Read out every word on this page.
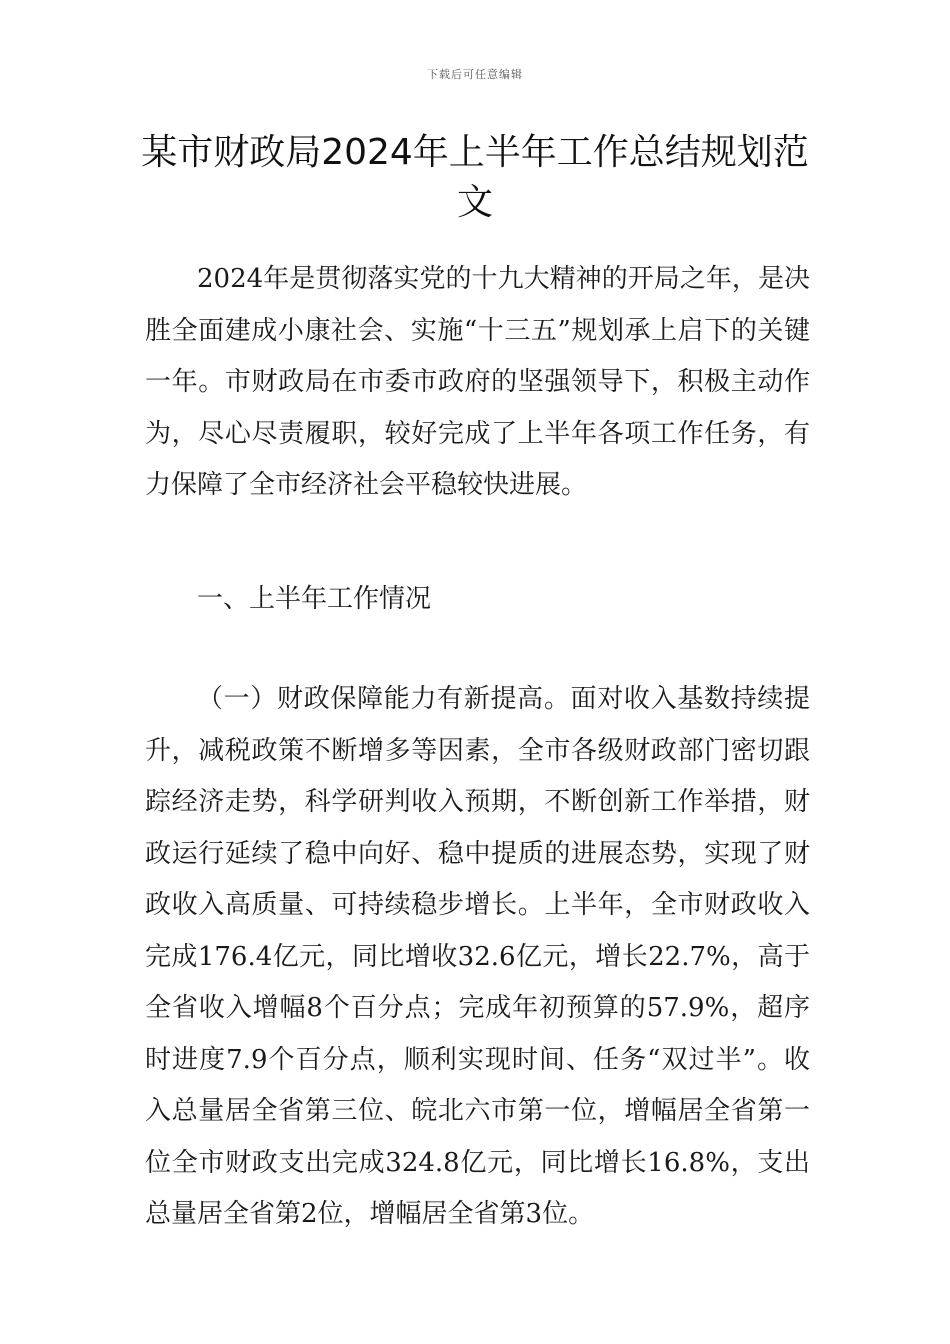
下载后可任意编辑
某市财政局2024年上半年工作总结规划范文

2024年是贯彻落实党的十九大精神的开局之年，是决胜全面建成小康社会、实施“十三五”规划承上启下的关键一年。市财政局在市委市政府的坚强领导下，积极主动作为，尽心尽责履职，较好完成了上半年各项工作任务，有力保障了全市经济社会平稳较快进展。

一、上半年工作情况

（一）财政保障能力有新提高。面对收入基数持续提升，减税政策不断增多等因素，全市各级财政部门密切跟踪经济走势，科学研判收入预期，不断创新工作举措，财政运行延续了稳中向好、稳中提质的进展态势，实现了财政收入高质量、可持续稳步增长。上半年，全市财政收入完成176.4亿元，同比增收32.6亿元，增长22.7%，高于全省收入增幅8个百分点；完成年初预算的57.9%，超序时进度7.9个百分点，顺利实现时间、任务“双过半”。收入总量居全省第三位、皖北六市第一位，增幅居全省第一位全市财政支出完成324.8亿元，同比增长16.8%，支出总量居全省第2位，增幅居全省第3位。
